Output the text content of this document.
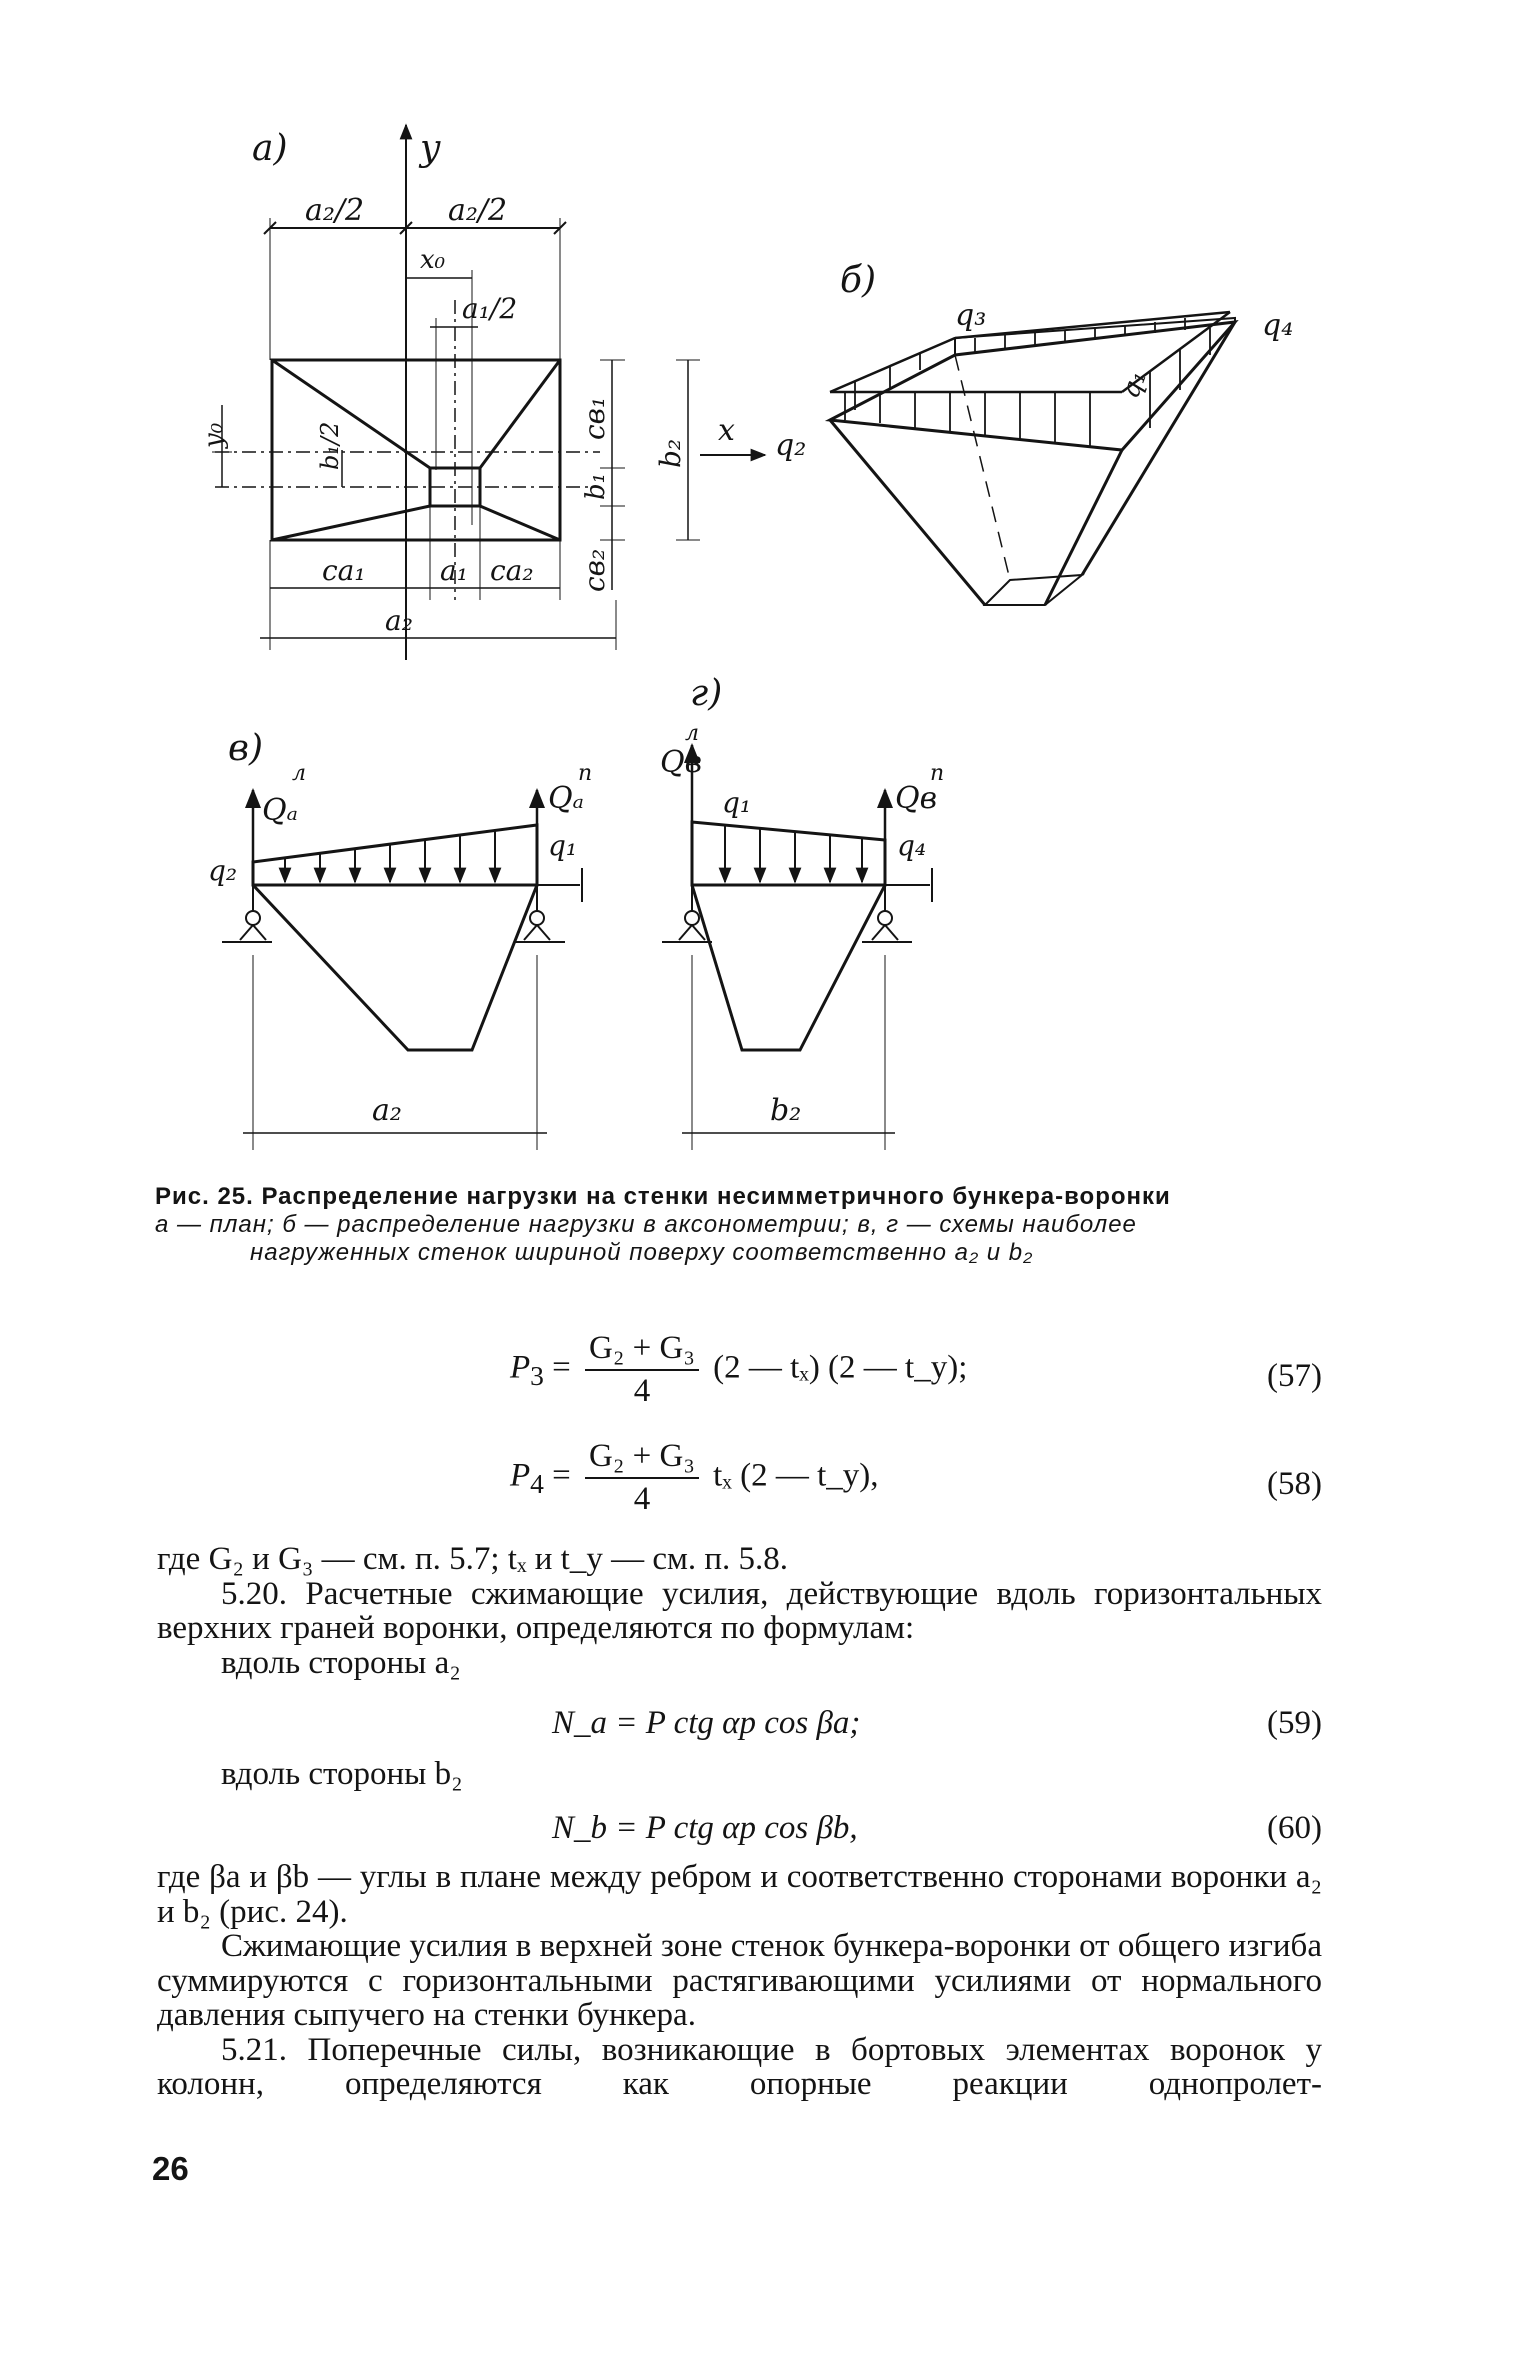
а)	y
a₂/2	a₂/2
x₀
a₁/2
y₀	b₁/2
cв₁
b₁
cв₂
b₂
x
ca₁	a₁ ca₂
a₂
б)
q₃	q₄
q₂
q₁
в)
Qₐ
л
Qₐ
п
q₁
q₂
a₂
г)
Qв
л
Qв
п
q₁
q₄
b₂
Рис. 25. Распределение нагрузки на стенки несимметричного бункера-воронки
а — план; б — распределение нагрузки в аксонометрии; в, г — схемы наиболее

нагруженных стенок шириной поверху соответственно a₂ и b₂
$P_3 = \frac{\text{G₂ + G₃}}{4} (2$ — tₓ) (2 — t_y);	(57)
$P_4 = \frac{\text{G₂ + G₃}}{4}$ tₓ (2 — t_y),	(58)

где G₂ и G₃ — см. п. 5.7; tₓ и t_y — см. п. 5.8.

5.20. Расчетные сжимающие усилия, действующие вдоль горизонтальных верхних граней воронки, определяются по формулам:

вдоль стороны a₂

N_a = P ctg αр cos βa;	(59)

вдоль стороны b₂

N_b = P ctg αр cos βb,	(60)

где βa и βb — углы в плане между ребром и соответственно сторонами воронки a₂ и b₂ (рис. 24).

Сжимающие усилия в верхней зоне стенок бункера-воронки от общего изгиба суммируются с горизонтальными растягивающими усилиями от нормального давления сыпучего на стенки бункера.

5.21. Поперечные силы, возникающие в бортовых элементах воронок у колонн, определяются как опорные реакции однопролет-

26
